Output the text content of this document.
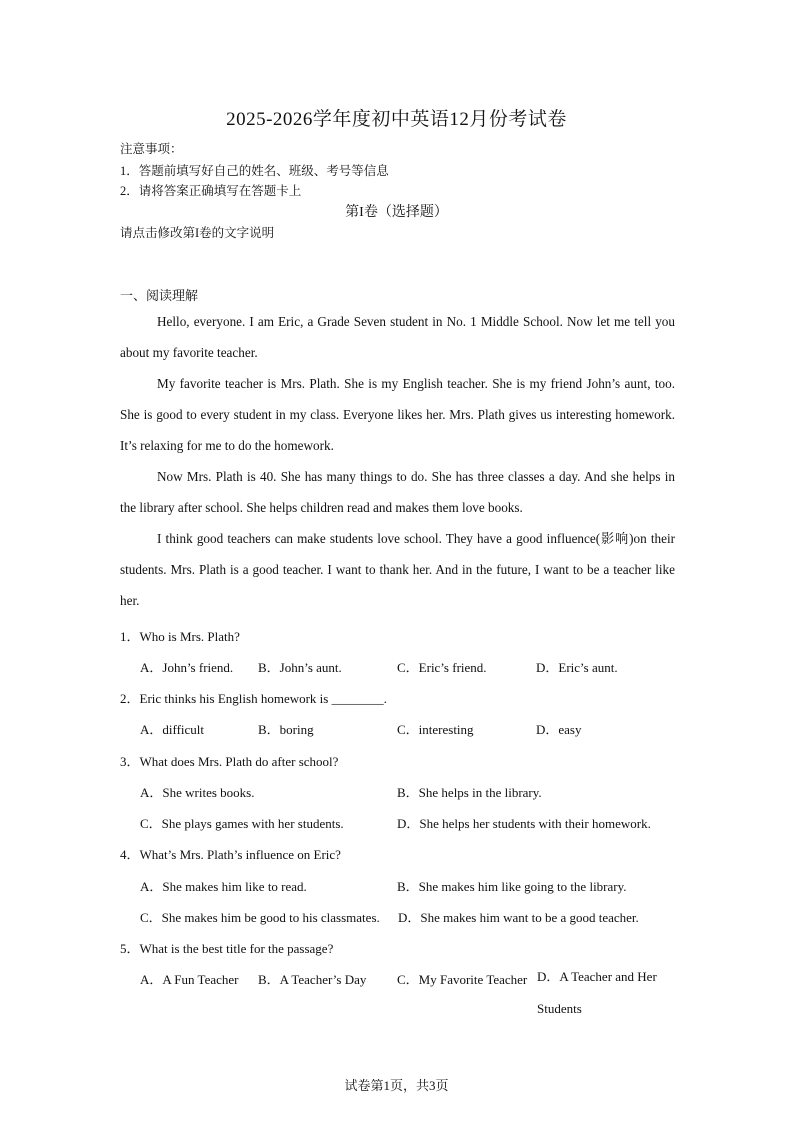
2025-2026学年度初中英语12月份考试卷
注意事项：
1．答题前填写好自己的姓名、班级、考号等信息
2．请将答案正确填写在答题卡上
第I卷（选择题）
请点击修改第I卷的文字说明
一、阅读理解

Hello, everyone. I am Eric, a Grade Seven student in No. 1 Middle School. Now let me tell you about my favorite teacher.

My favorite teacher is Mrs. Plath. She is my English teacher. She is my friend John’s aunt, too. She is good to every student in my class. Everyone likes her. Mrs. Plath gives us interesting homework. It’s relaxing for me to do the homework.

Now Mrs. Plath is 40. She has many things to do. She has three classes a day. And she helps in the library after school. She helps children read and makes them love books.

I think good teachers can make students love school. They have a good influence(影响)on their students. Mrs. Plath is a good teacher. I want to thank her. And in the future, I want to be a teacher like her.

1．Who is Mrs. Plath?
A．John’s friend. B．John’s aunt.	C．Eric’s friend.	D．Eric’s aunt.
2．Eric thinks his English homework is ________.
A．difficult	B．boring	C．interesting	D．easy
3．What does Mrs. Plath do after school?
A．She writes books.	B．She helps in the library.
C．She plays games with her students.	D．She helps her students with their homework.
4．What’s Mrs. Plath’s influence on Eric?
A．She makes him like to read.	B．She makes him like going to the library.
C．She makes him be good to his classmates. D．She makes him want to be a good teacher.
5．What is the best title for the passage?
A．A Fun Teacher B．A Teacher’s Day C．My Favorite Teacher D．A Teacher and Her Students
试卷第1页，共3页
